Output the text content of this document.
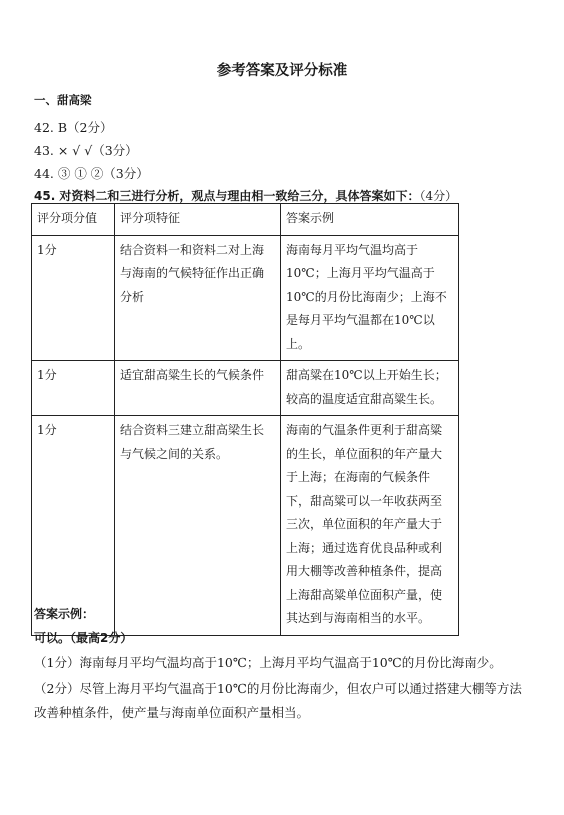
参考答案及评分标准
一、甜高梁
42. B（2分）
43. × √ √（3分）
44. ③ ① ②（3分）
45. 对资料二和三进行分析，观点与理由相一致给三分，具体答案如下：（4分）
评分项分值	评分项特征	答案示例
1分	结合资料一和资料二对上海与海南的气候特征作出正确分析	海南每月平均气温均高于10℃；上海月平均气温高于10℃的月份比海南少；上海不是每月平均气温都在10℃以上。
1分	适宜甜高粱生长的气候条件	甜高粱在10℃以上开始生长；较高的温度适宜甜高粱生长。
1分	结合资料三建立甜高梁生长与气候之间的关系。	海南的气温条件更利于甜高粱的生长，单位面积的年产量大于上海；在海南的气候条件下，甜高粱可以一年收获两至三次，单位面积的年产量大于上海；通过选育优良品种或利用大棚等改善种植条件，提高上海甜高粱单位面积产量，使其达到与海南相当的水平。
答案示例：
可以。（最高2分）
（1分）海南每月平均气温均高于10℃；上海月平均气温高于10℃的月份比海南少。
（2分）尽管上海月平均气温高于10℃的月份比海南少，但农户可以通过搭建大棚等方法改善种植条件，使产量与海南单位面积产量相当。
